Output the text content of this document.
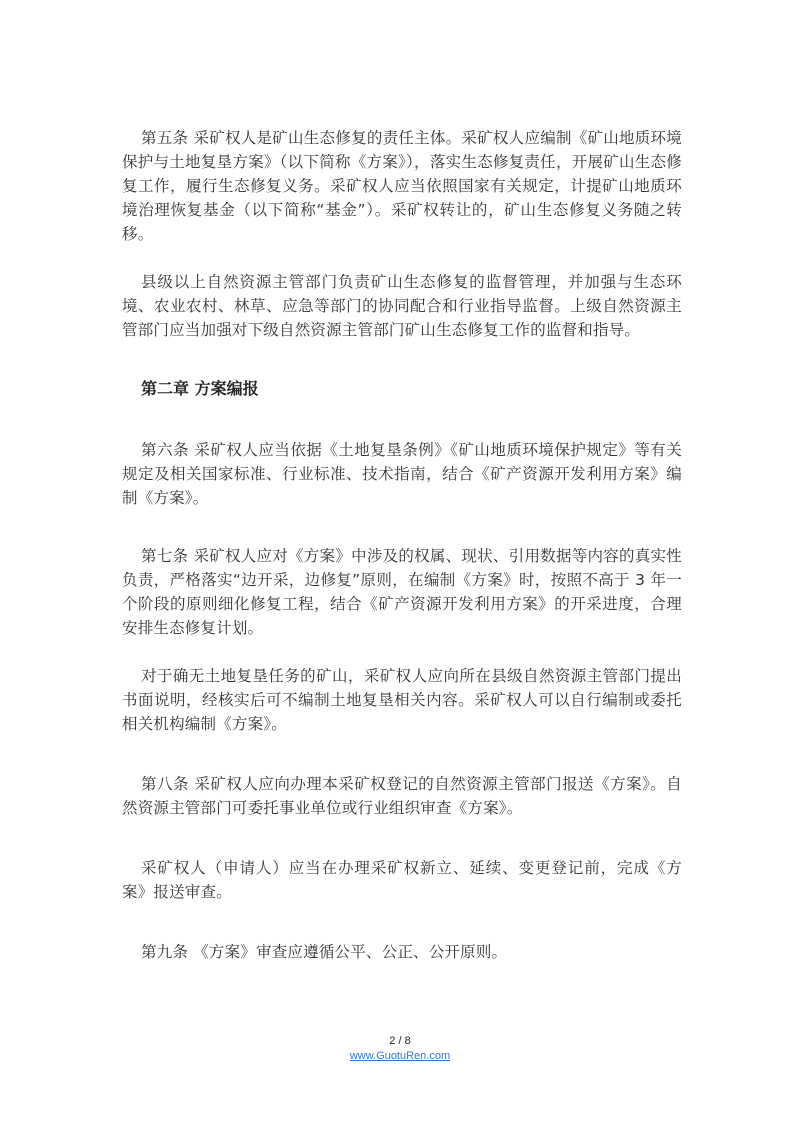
第五条 采矿权人是矿山生态修复的责任主体。采矿权人应编制《矿山地质环境保护与土地复垦方案》（以下简称《方案》），落实生态修复责任，开展矿山生态修复工作，履行生态修复义务。采矿权人应当依照国家有关规定，计提矿山地质环境治理恢复基金（以下简称“基金”）。采矿权转让的，矿山生态修复义务随之转移。

县级以上自然资源主管部门负责矿山生态修复的监督管理，并加强与生态环境、农业农村、林草、应急等部门的协同配合和行业指导监督。上级自然资源主管部门应当加强对下级自然资源主管部门矿山生态修复工作的监督和指导。

第二章 方案编报

第六条 采矿权人应当依据《土地复垦条例》《矿山地质环境保护规定》等有关规定及相关国家标准、行业标准、技术指南，结合《矿产资源开发利用方案》编制《方案》。

第七条 采矿权人应对《方案》中涉及的权属、现状、引用数据等内容的真实性负责，严格落实“边开采，边修复”原则，在编制《方案》时，按照不高于 3 年一个阶段的原则细化修复工程，结合《矿产资源开发利用方案》的开采进度，合理安排生态修复计划。

对于确无土地复垦任务的矿山，采矿权人应向所在县级自然资源主管部门提出书面说明，经核实后可不编制土地复垦相关内容。采矿权人可以自行编制或委托相关机构编制《方案》。

第八条 采矿权人应向办理本采矿权登记的自然资源主管部门报送《方案》。自然资源主管部门可委托事业单位或行业组织审查《方案》。

采矿权人（申请人）应当在办理采矿权新立、延续、变更登记前，完成《方案》报送审查。

第九条 《方案》审查应遵循公平、公正、公开原则。

2 / 8
www.GuotuRen.com
